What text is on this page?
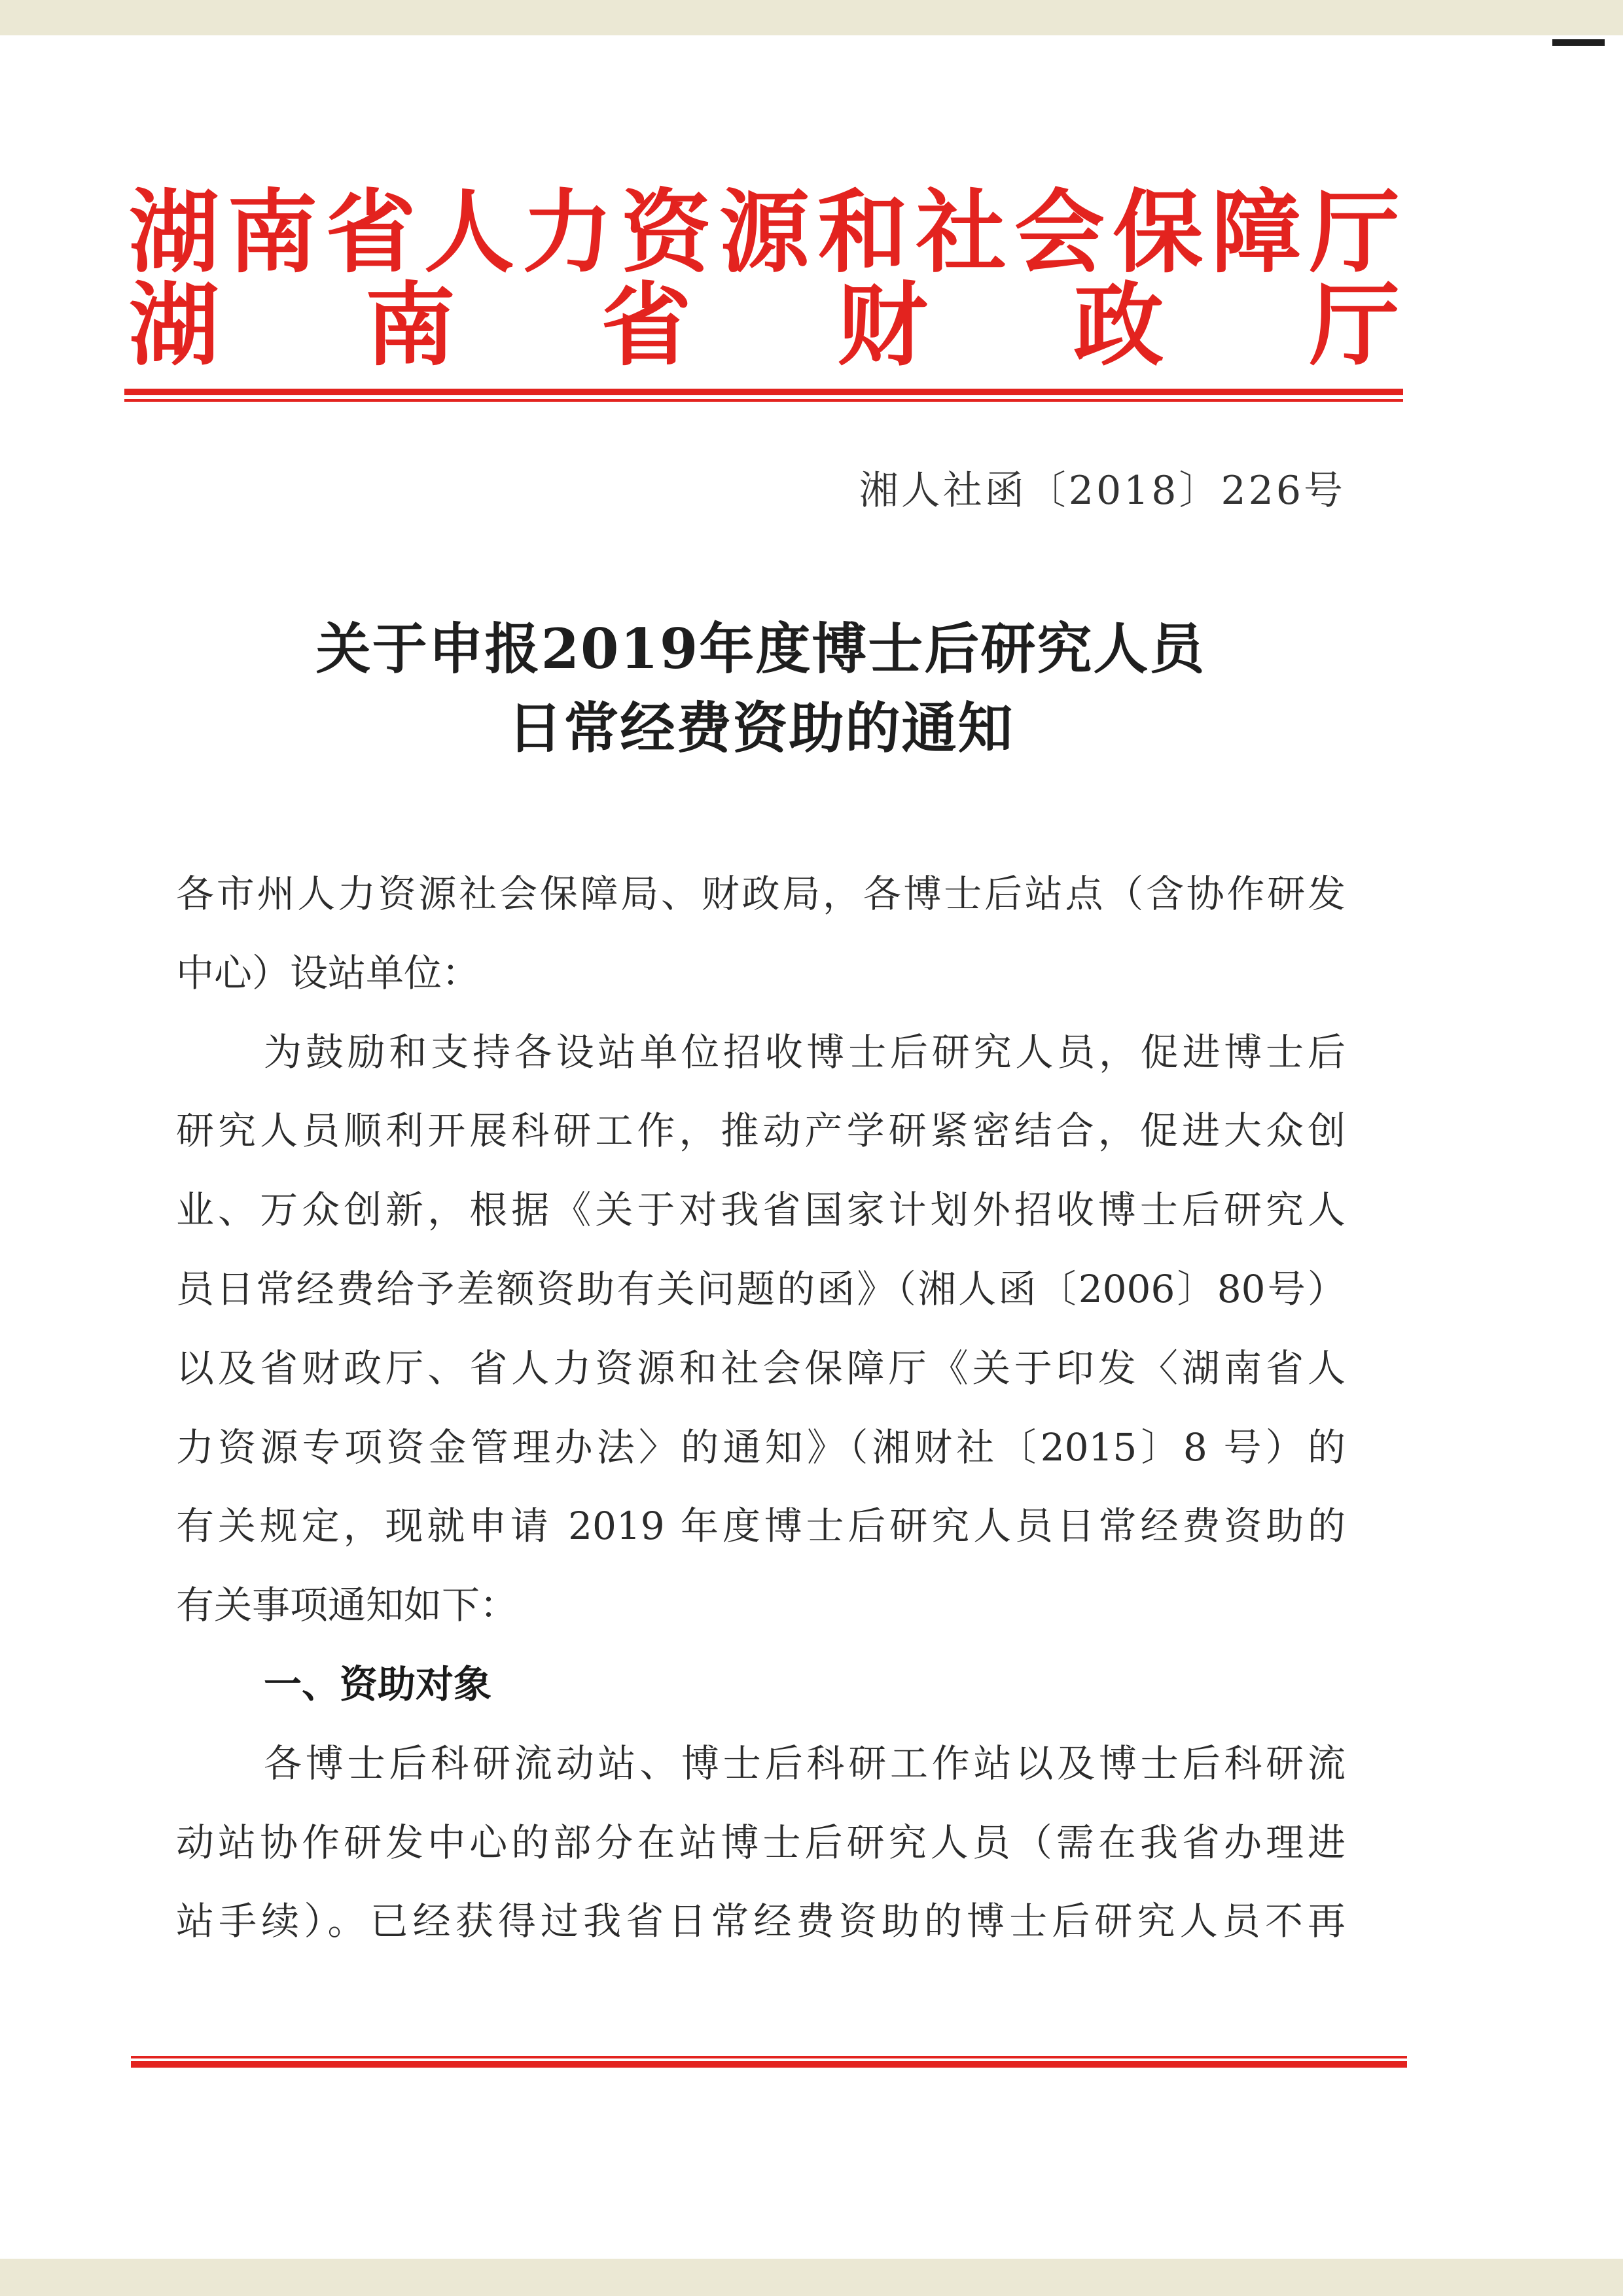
湖南省人力资源和社会保障厅
湖南省财政厅
湘人社函〔2018〕226号
关于申报2019年度博士后研究人员
日常经费资助的通知
各市州人力资源社会保障局、财政局，各博士后站点（含协作研发
中心）设站单位：
为鼓励和支持各设站单位招收博士后研究人员，促进博士后
研究人员顺利开展科研工作，推动产学研紧密结合，促进大众创
业、万众创新，根据《关于对我省国家计划外招收博士后研究人
员日常经费给予差额资助有关问题的函》（湘人函〔2006〕80号）
以及省财政厅、省人力资源和社会保障厅《关于印发〈湖南省人
力资源专项资金管理办法〉的通知》（湘财社〔2015〕8 号）的
有关规定，现就申请 2019 年度博士后研究人员日常经费资助的
有关事项通知如下：
一、资助对象
各博士后科研流动站、博士后科研工作站以及博士后科研流
动站协作研发中心的部分在站博士后研究人员（需在我省办理进
站手续）。已经获得过我省日常经费资助的博士后研究人员不再
